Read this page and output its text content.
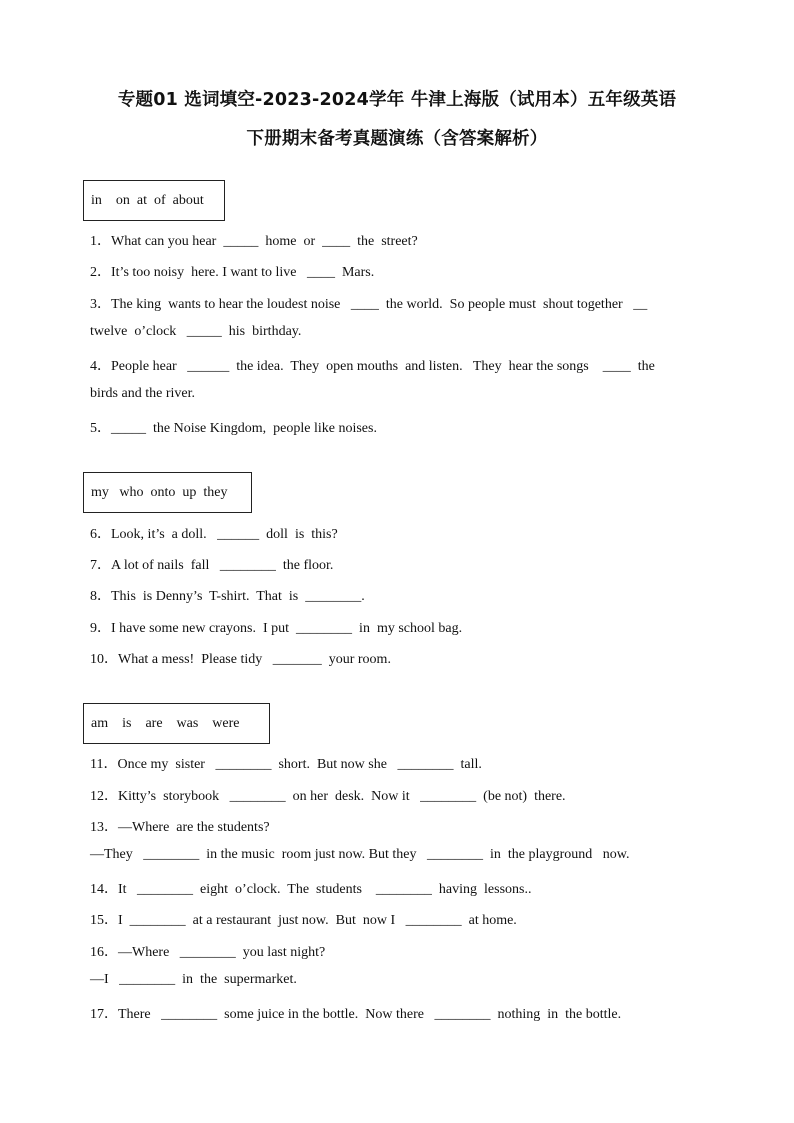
专题01 选词填空-2023-2024学年 牛津上海版（试用本）五年级英语
下册期末备考真题演练（含答案解析）
in    on  at  of  about
1．What can you hear  _____  home  or  ____  the  street?
2．It’s too noisy  here. I want to live   ____  Mars.
3．The king  wants to hear the loudest noise   ____  the world.  So people must  shout together   __
twelve  o’clock   _____  his  birthday.
4．People hear   ______  the idea.  They  open mouths  and listen.   They  hear the songs    ____  the
birds and the river.
5．_____  the Noise Kingdom,  people like noises.
my   who  onto  up  they
6．Look, it’s  a doll.   ______  doll  is  this?
7．A lot of nails  fall   ________  the floor.
8．This  is Denny’s  T-shirt.  That  is  ________.
9．I have some new crayons.  I put  ________  in  my school bag.
10．What a mess!  Please tidy   _______  your room.
am    is    are    was    were
11．Once my  sister   ________  short.  But now she   ________  tall.
12．Kitty’s  storybook   ________  on her  desk.  Now it   ________  (be not)  there.
13．—Where  are the students?
—They   ________  in the music  room just now. But they   ________  in  the playground   now.
14．It   ________  eight  o’clock.  The  students    ________  having  lessons..
15．I  ________  at a restaurant  just now.  But  now I   ________  at home.
16．—Where   ________  you last night?
—I   ________  in  the  supermarket.
17．There   ________  some juice in the bottle.  Now there   ________  nothing  in  the bottle.
